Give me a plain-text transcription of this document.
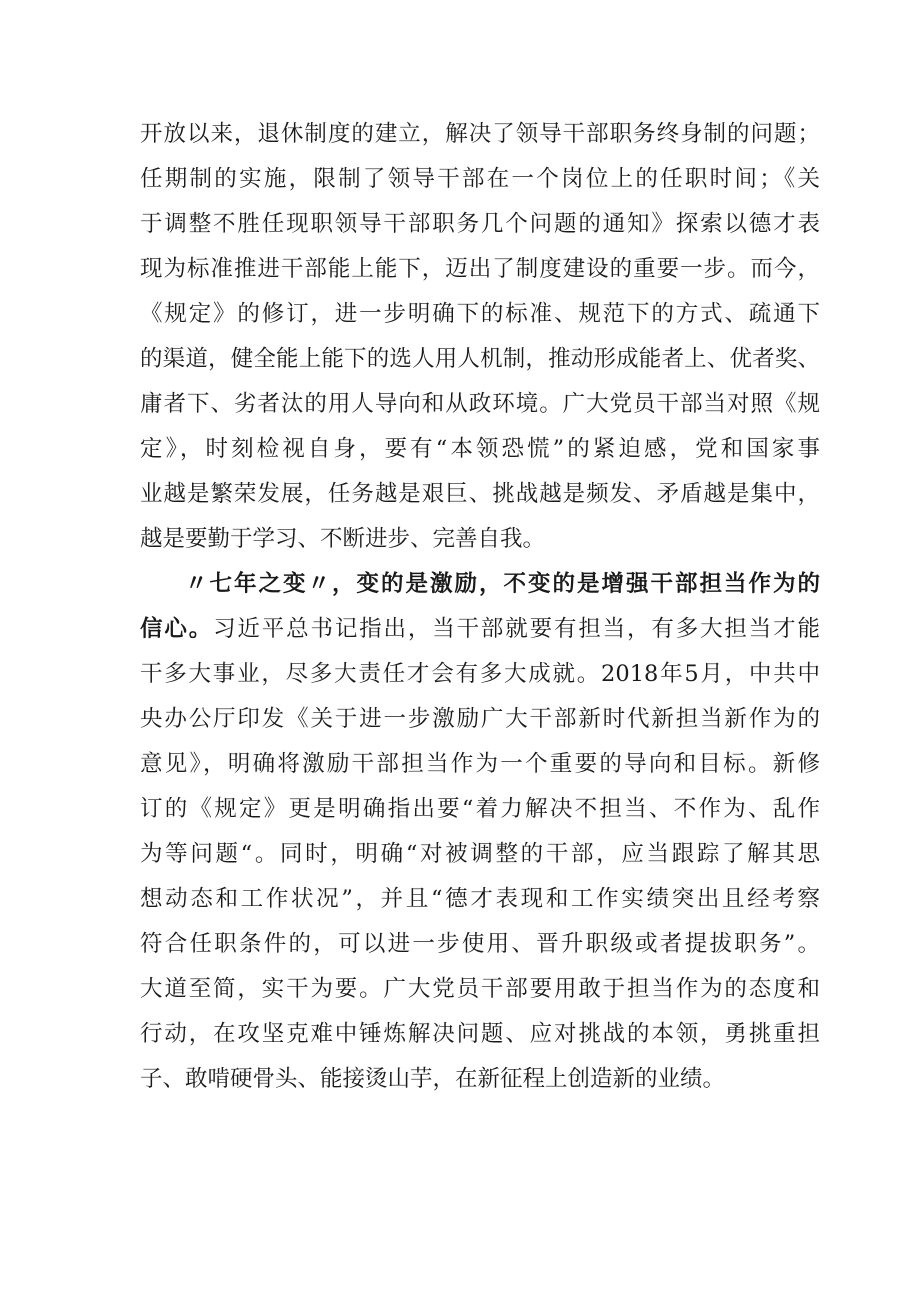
开放以来，退休制度的建立，解决了领导干部职务终身制的问题；
任期制的实施，限制了领导干部在一个岗位上的任职时间；《关
于调整不胜任现职领导干部职务几个问题的通知》探索以德才表
现为标准推进干部能上能下，迈出了制度建设的重要一步。而今，
《规定》的修订，进一步明确下的标准、规范下的方式、疏通下
的渠道，健全能上能下的选人用人机制，推动形成能者上、优者奖、
庸者下、劣者汰的用人导向和从政环境。广大党员干部当对照《规
定》，时刻检视自身，要有“本领恐慌”的紧迫感，党和国家事
业越是繁荣发展，任务越是艰巨、挑战越是频发、矛盾越是集中，
越是要勤于学习、不断进步、完善自我。
〃七年之变〃，变的是激励，不变的是增强干部担当作为的
信心。习近平总书记指出，当干部就要有担当，有多大担当才能
干多大事业，尽多大责任才会有多大成就。2018年5月，中共中
央办公厅印发《关于进一步激励广大干部新时代新担当新作为的
意见》，明确将激励干部担当作为一个重要的导向和目标。新修
订的《规定》更是明确指出要“着力解决不担当、不作为、乱作
为等问题“。同时，明确“对被调整的干部，应当跟踪了解其思
想动态和工作状况”，并且“德才表现和工作实绩突出且经考察
符合任职条件的，可以进一步使用、晋升职级或者提拔职务”。
大道至简，实干为要。广大党员干部要用敢于担当作为的态度和
行动，在攻坚克难中锤炼解决问题、应对挑战的本领，勇挑重担
子、敢啃硬骨头、能接烫山芋，在新征程上创造新的业绩。
